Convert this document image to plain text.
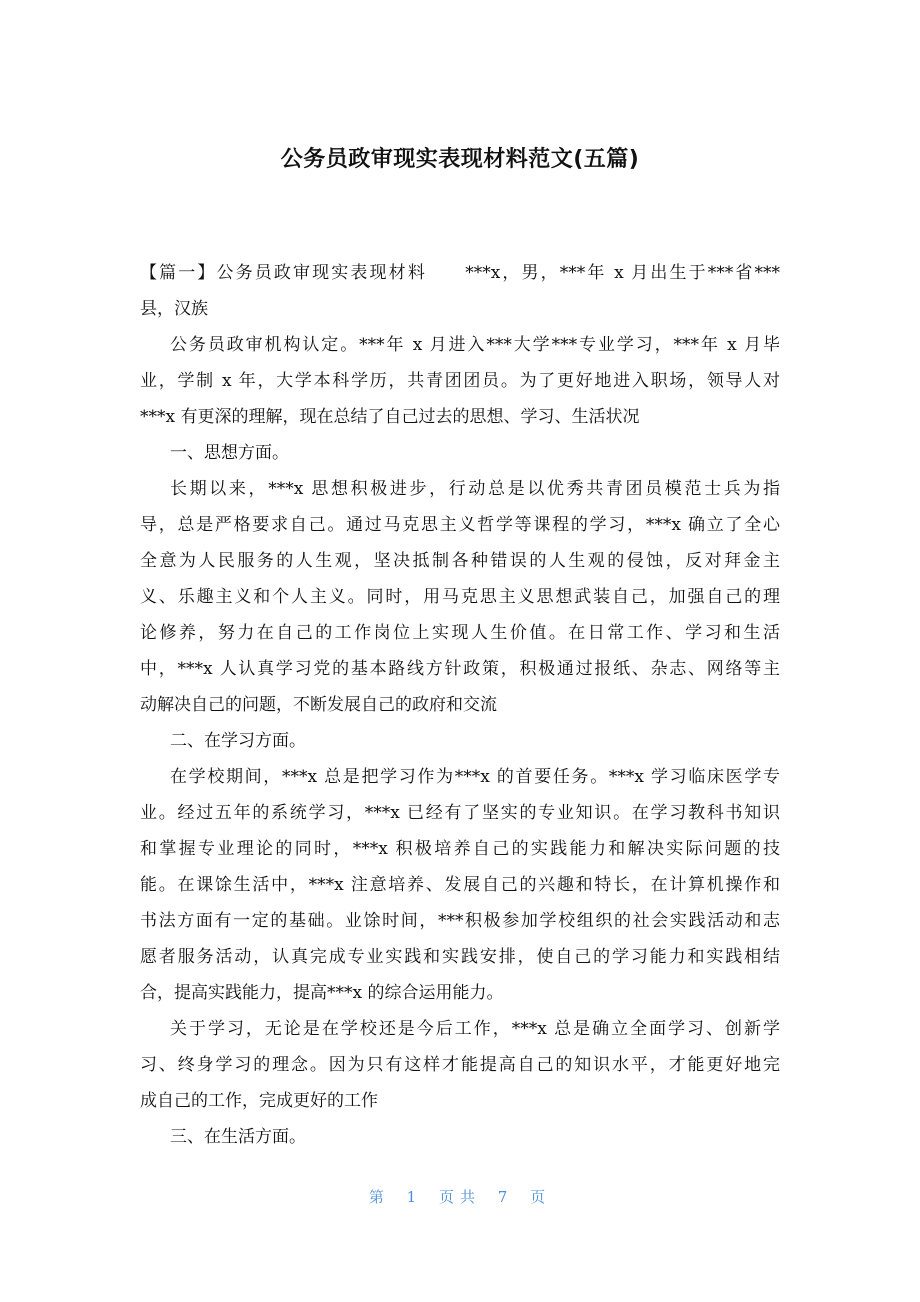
公务员政审现实表现材料范文(五篇)
【篇一】公务员政审现实表现材料　　***x，男，***年 x 月出生于***省***
县，汉族
公务员政审机构认定。***年 x 月进入***大学***专业学习，***年 x 月毕
业，学制 x 年，大学本科学历，共青团团员。为了更好地进入职场，领导人对
***x 有更深的理解，现在总结了自己过去的思想、学习、生活状况
一、思想方面。
长期以来，***x 思想积极进步，行动总是以优秀共青团员模范士兵为指
导，总是严格要求自己。通过马克思主义哲学等课程的学习，***x 确立了全心
全意为人民服务的人生观，坚决抵制各种错误的人生观的侵蚀，反对拜金主
义、乐趣主义和个人主义。同时，用马克思主义思想武装自己，加强自己的理
论修养，努力在自己的工作岗位上实现人生价值。在日常工作、学习和生活
中，***x 人认真学习党的基本路线方针政策，积极通过报纸、杂志、网络等主
动解决自己的问题，不断发展自己的政府和交流
二、在学习方面。
在学校期间，***x 总是把学习作为***x 的首要任务。***x 学习临床医学专
业。经过五年的系统学习，***x 已经有了坚实的专业知识。在学习教科书知识
和掌握专业理论的同时，***x 积极培养自己的实践能力和解决实际问题的技
能。在课馀生活中，***x 注意培养、发展自己的兴趣和特长，在计算机操作和
书法方面有一定的基础。业馀时间，***积极参加学校组织的社会实践活动和志
愿者服务活动，认真完成专业实践和实践安排，使自己的学习能力和实践相结
合，提高实践能力，提高***x 的综合运用能力。
关于学习，无论是在学校还是今后工作，***x 总是确立全面学习、创新学
习、终身学习的理念。因为只有这样才能提高自己的知识水平，才能更好地完
成自己的工作，完成更好的工作
三、在生活方面。
第 1 页共 7 页
